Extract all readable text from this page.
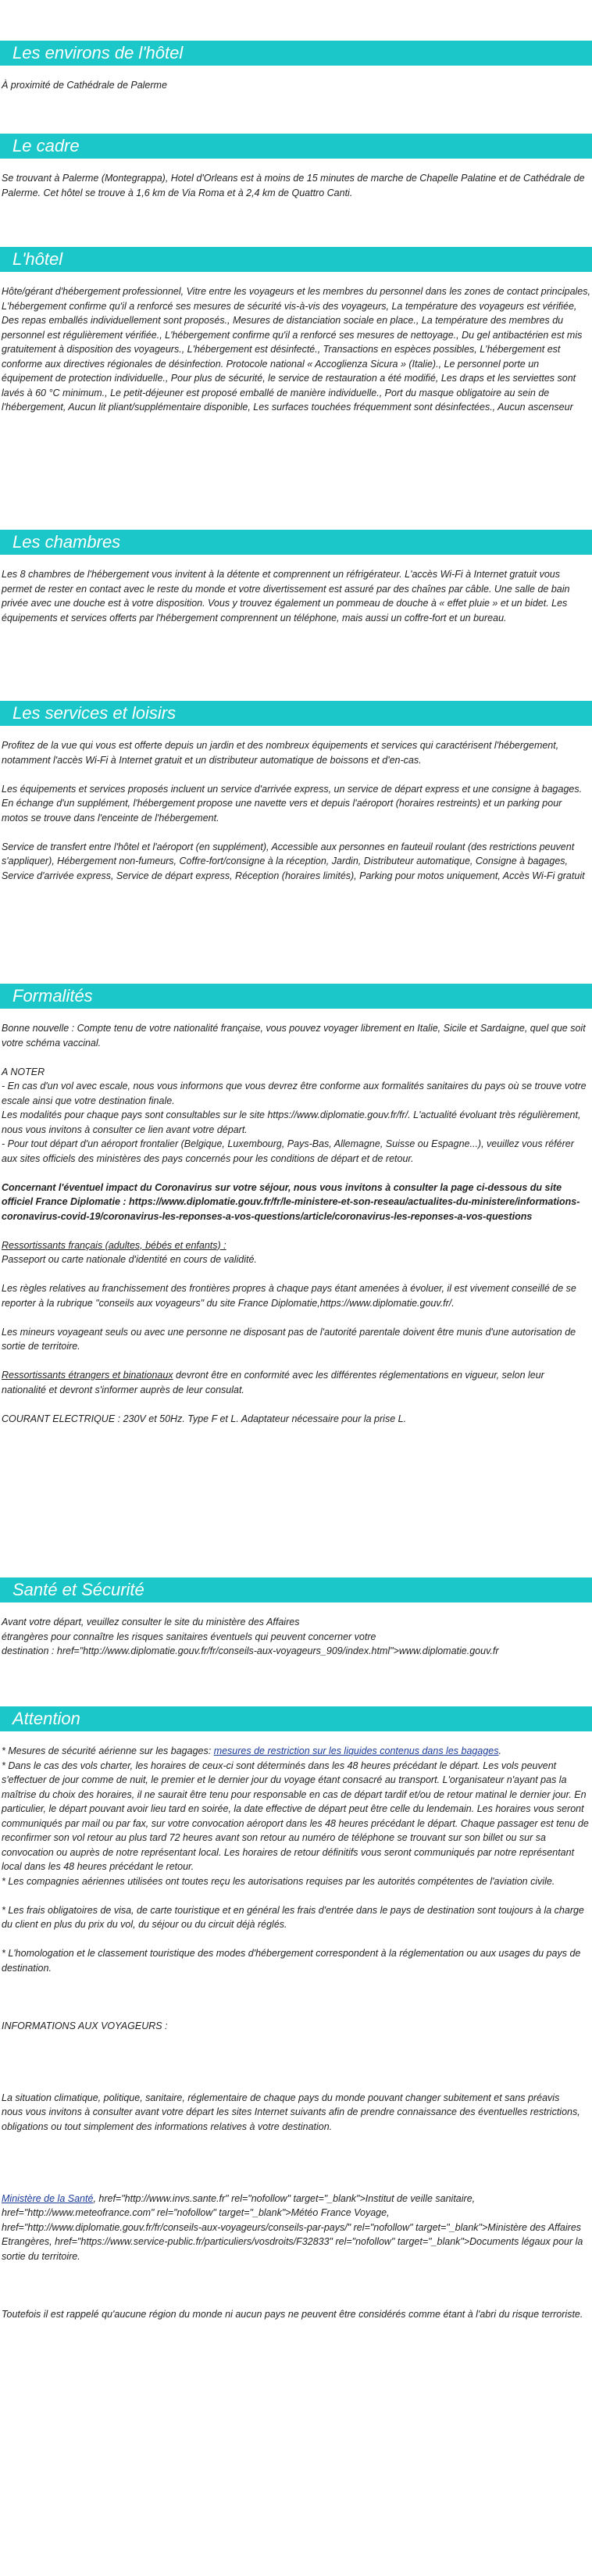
Les environs de l'hôtel

À proximité de Cathédrale de Palerme

Le cadre

Se trouvant à Palerme (Montegrappa), Hotel d'Orleans est à moins de 15 minutes de marche de Chapelle Palatine et de Cathédrale de Palerme. Cet hôtel se trouve à 1,6 km de Via Roma et à 2,4 km de Quattro Canti.

L'hôtel

Hôte/gérant d'hébergement professionnel, Vitre entre les voyageurs et les membres du personnel dans les zones de contact principales, L'hébergement confirme qu'il a renforcé ses mesures de sécurité vis-à-vis des voyageurs, La température des voyageurs est vérifiée, Des repas emballés individuellement sont proposés., Mesures de distanciation sociale en place., La température des membres du personnel est régulièrement vérifiée., L'hébergement confirme qu'il a renforcé ses mesures de nettoyage., Du gel antibactérien est mis gratuitement à disposition des voyageurs., L'hébergement est désinfecté., Transactions en espèces possibles, L'hébergement est conforme aux directives régionales de désinfection. Protocole national « Accoglienza Sicura » (Italie)., Le personnel porte un équipement de protection individuelle., Pour plus de sécurité, le service de restauration a été modifié, Les draps et les serviettes sont lavés à 60 °C minimum., Le petit-déjeuner est proposé emballé de manière individuelle., Port du masque obligatoire au sein de l'hébergement, Aucun lit pliant/supplémentaire disponible, Les surfaces touchées fréquemment sont désinfectées., Aucun ascenseur

Les chambres

Les 8 chambres de l'hébergement vous invitent à la détente et comprennent un réfrigérateur. L'accès Wi-Fi à Internet gratuit vous permet de rester en contact avec le reste du monde et votre divertissement est assuré par des chaînes par câble. Une salle de bain privée avec une douche est à votre disposition. Vous y trouvez également un pommeau de douche à « effet pluie » et un bidet. Les équipements et services offerts par l'hébergement comprennent un téléphone, mais aussi un coffre-fort et un bureau.

Les services et loisirs

Profitez de la vue qui vous est offerte depuis un jardin et des nombreux équipements et services qui caractérisent l'hébergement, notamment l'accès Wi-Fi à Internet gratuit et un distributeur automatique de boissons et d'en-cas.

Les équipements et services proposés incluent un service d'arrivée express, un service de départ express et une consigne à bagages. En échange d'un supplément, l'hébergement propose une navette vers et depuis l'aéroport (horaires restreints) et un parking pour motos se trouve dans l'enceinte de l'hébergement.

Service de transfert entre l'hôtel et l'aéroport (en supplément), Accessible aux personnes en fauteuil roulant (des restrictions peuvent s'appliquer), Hébergement non-fumeurs, Coffre-fort/consigne à la réception, Jardin, Distributeur automatique, Consigne à bagages, Service d'arrivée express, Service de départ express, Réception (horaires limités), Parking pour motos uniquement, Accès Wi-Fi gratuit

Formalités

Bonne nouvelle : Compte tenu de votre nationalité française, vous pouvez voyager librement en Italie, Sicile et Sardaigne, quel que soit votre schéma vaccinal.

A NOTER

- En cas d'un vol avec escale, nous vous informons que vous devrez être conforme aux formalités sanitaires du pays où se trouve votre escale ainsi que votre destination finale.

Les modalités pour chaque pays sont consultables sur le site https://www.diplomatie.gouv.fr/fr/. L'actualité évoluant très régulièrement, nous vous invitons à consulter ce lien avant votre départ.

- Pour tout départ d'un aéroport frontalier (Belgique, Luxembourg, Pays-Bas, Allemagne, Suisse ou Espagne...), veuillez vous référer aux sites officiels des ministères des pays concernés pour les conditions de départ et de retour.

Concernant l'éventuel impact du Coronavirus sur votre séjour, nous vous invitons à consulter la page ci-dessous du site officiel France Diplomatie : https://www.diplomatie.gouv.fr/fr/le-ministere-et-son-reseau/actualites-du-ministere/informations-coronavirus-covid-19/coronavirus-les-reponses-a-vos-questions/article/coronavirus-les-reponses-a-vos-questions

Ressortissants français (adultes, bébés et enfants) :

Passeport ou carte nationale d'identité en cours de validité.

Les règles relatives au franchissement des frontières propres à chaque pays étant amenées à évoluer, il est vivement conseillé de se reporter à la rubrique "conseils aux voyageurs" du site France Diplomatie,https://www.diplomatie.gouv.fr/.

Les mineurs voyageant seuls ou avec une personne ne disposant pas de l'autorité parentale doivent être munis d'une autorisation de sortie de territoire.

Ressortissants étrangers et binationaux devront être en conformité avec les différentes réglementations en vigueur, selon leur nationalité et devront s'informer auprès de leur consulat.

COURANT ELECTRIQUE : 230V et 50Hz. Type F et L. Adaptateur nécessaire pour la prise L.

Santé et Sécurité

Avant votre départ, veuillez consulter le site du ministère des Affaires

étrangères pour connaître les risques sanitaires éventuels qui peuvent concerner votre

destination : href="http://www.diplomatie.gouv.fr/fr/conseils-aux-voyageurs_909/index.html">www.diplomatie.gouv.fr

Attention

* Mesures de sécurité aérienne sur les bagages: mesures de restriction sur les liquides contenus dans les bagages.

* Dans le cas des vols charter, les horaires de ceux-ci sont déterminés dans les 48 heures précédant le départ. Les vols peuvent s'effectuer de jour comme de nuit, le premier et le dernier jour du voyage étant consacré au transport. L'organisateur n'ayant pas la maîtrise du choix des horaires, il ne saurait être tenu pour responsable en cas de départ tardif et/ou de retour matinal le dernier jour. En particulier, le départ pouvant avoir lieu tard en soirée, la date effective de départ peut être celle du lendemain. Les horaires vous seront communiqués par mail ou par fax, sur votre convocation aéroport dans les 48 heures précédant le départ. Chaque passager est tenu de reconfirmer son vol retour au plus tard 72 heures avant son retour au numéro de téléphone se trouvant sur son billet ou sur sa convocation ou auprès de notre représentant local. Les horaires de retour définitifs vous seront communiqués par notre représentant local dans les 48 heures précédant le retour.

* Les compagnies aériennes utilisées ont toutes reçu les autorisations requises par les autorités compétentes de l'aviation civile.

* Les frais obligatoires de visa, de carte touristique et en général les frais d'entrée dans le pays de destination sont toujours à la charge du client en plus du prix du vol, du séjour ou du circuit déjà réglés.

* L'homologation et le classement touristique des modes d'hébergement correspondent à la réglementation ou aux usages du pays de destination.

INFORMATIONS AUX VOYAGEURS :

La situation climatique, politique, sanitaire, réglementaire de chaque pays du monde pouvant changer subitement et sans préavis

nous vous invitons à consulter avant votre départ les sites Internet suivants afin de prendre connaissance des éventuelles restrictions, obligations ou tout simplement des informations relatives à votre destination.

Ministère de la Santé, href="http://www.invs.sante.fr" rel="nofollow" target="_blank">Institut de veille sanitaire, href="http://www.meteofrance.com" rel="nofollow" target="_blank">Météo France Voyage, href="http://www.diplomatie.gouv.fr/fr/conseils-aux-voyageurs/conseils-par-pays/" rel="nofollow" target="_blank">Ministère des Affaires Etrangères, href="https://www.service-public.fr/particuliers/vosdroits/F32833" rel="nofollow" target="_blank">Documents légaux pour la sortie du territoire.

Toutefois il est rappelé qu'aucune région du monde ni aucun pays ne peuvent être considérés comme étant à l'abri du risque terroriste.
